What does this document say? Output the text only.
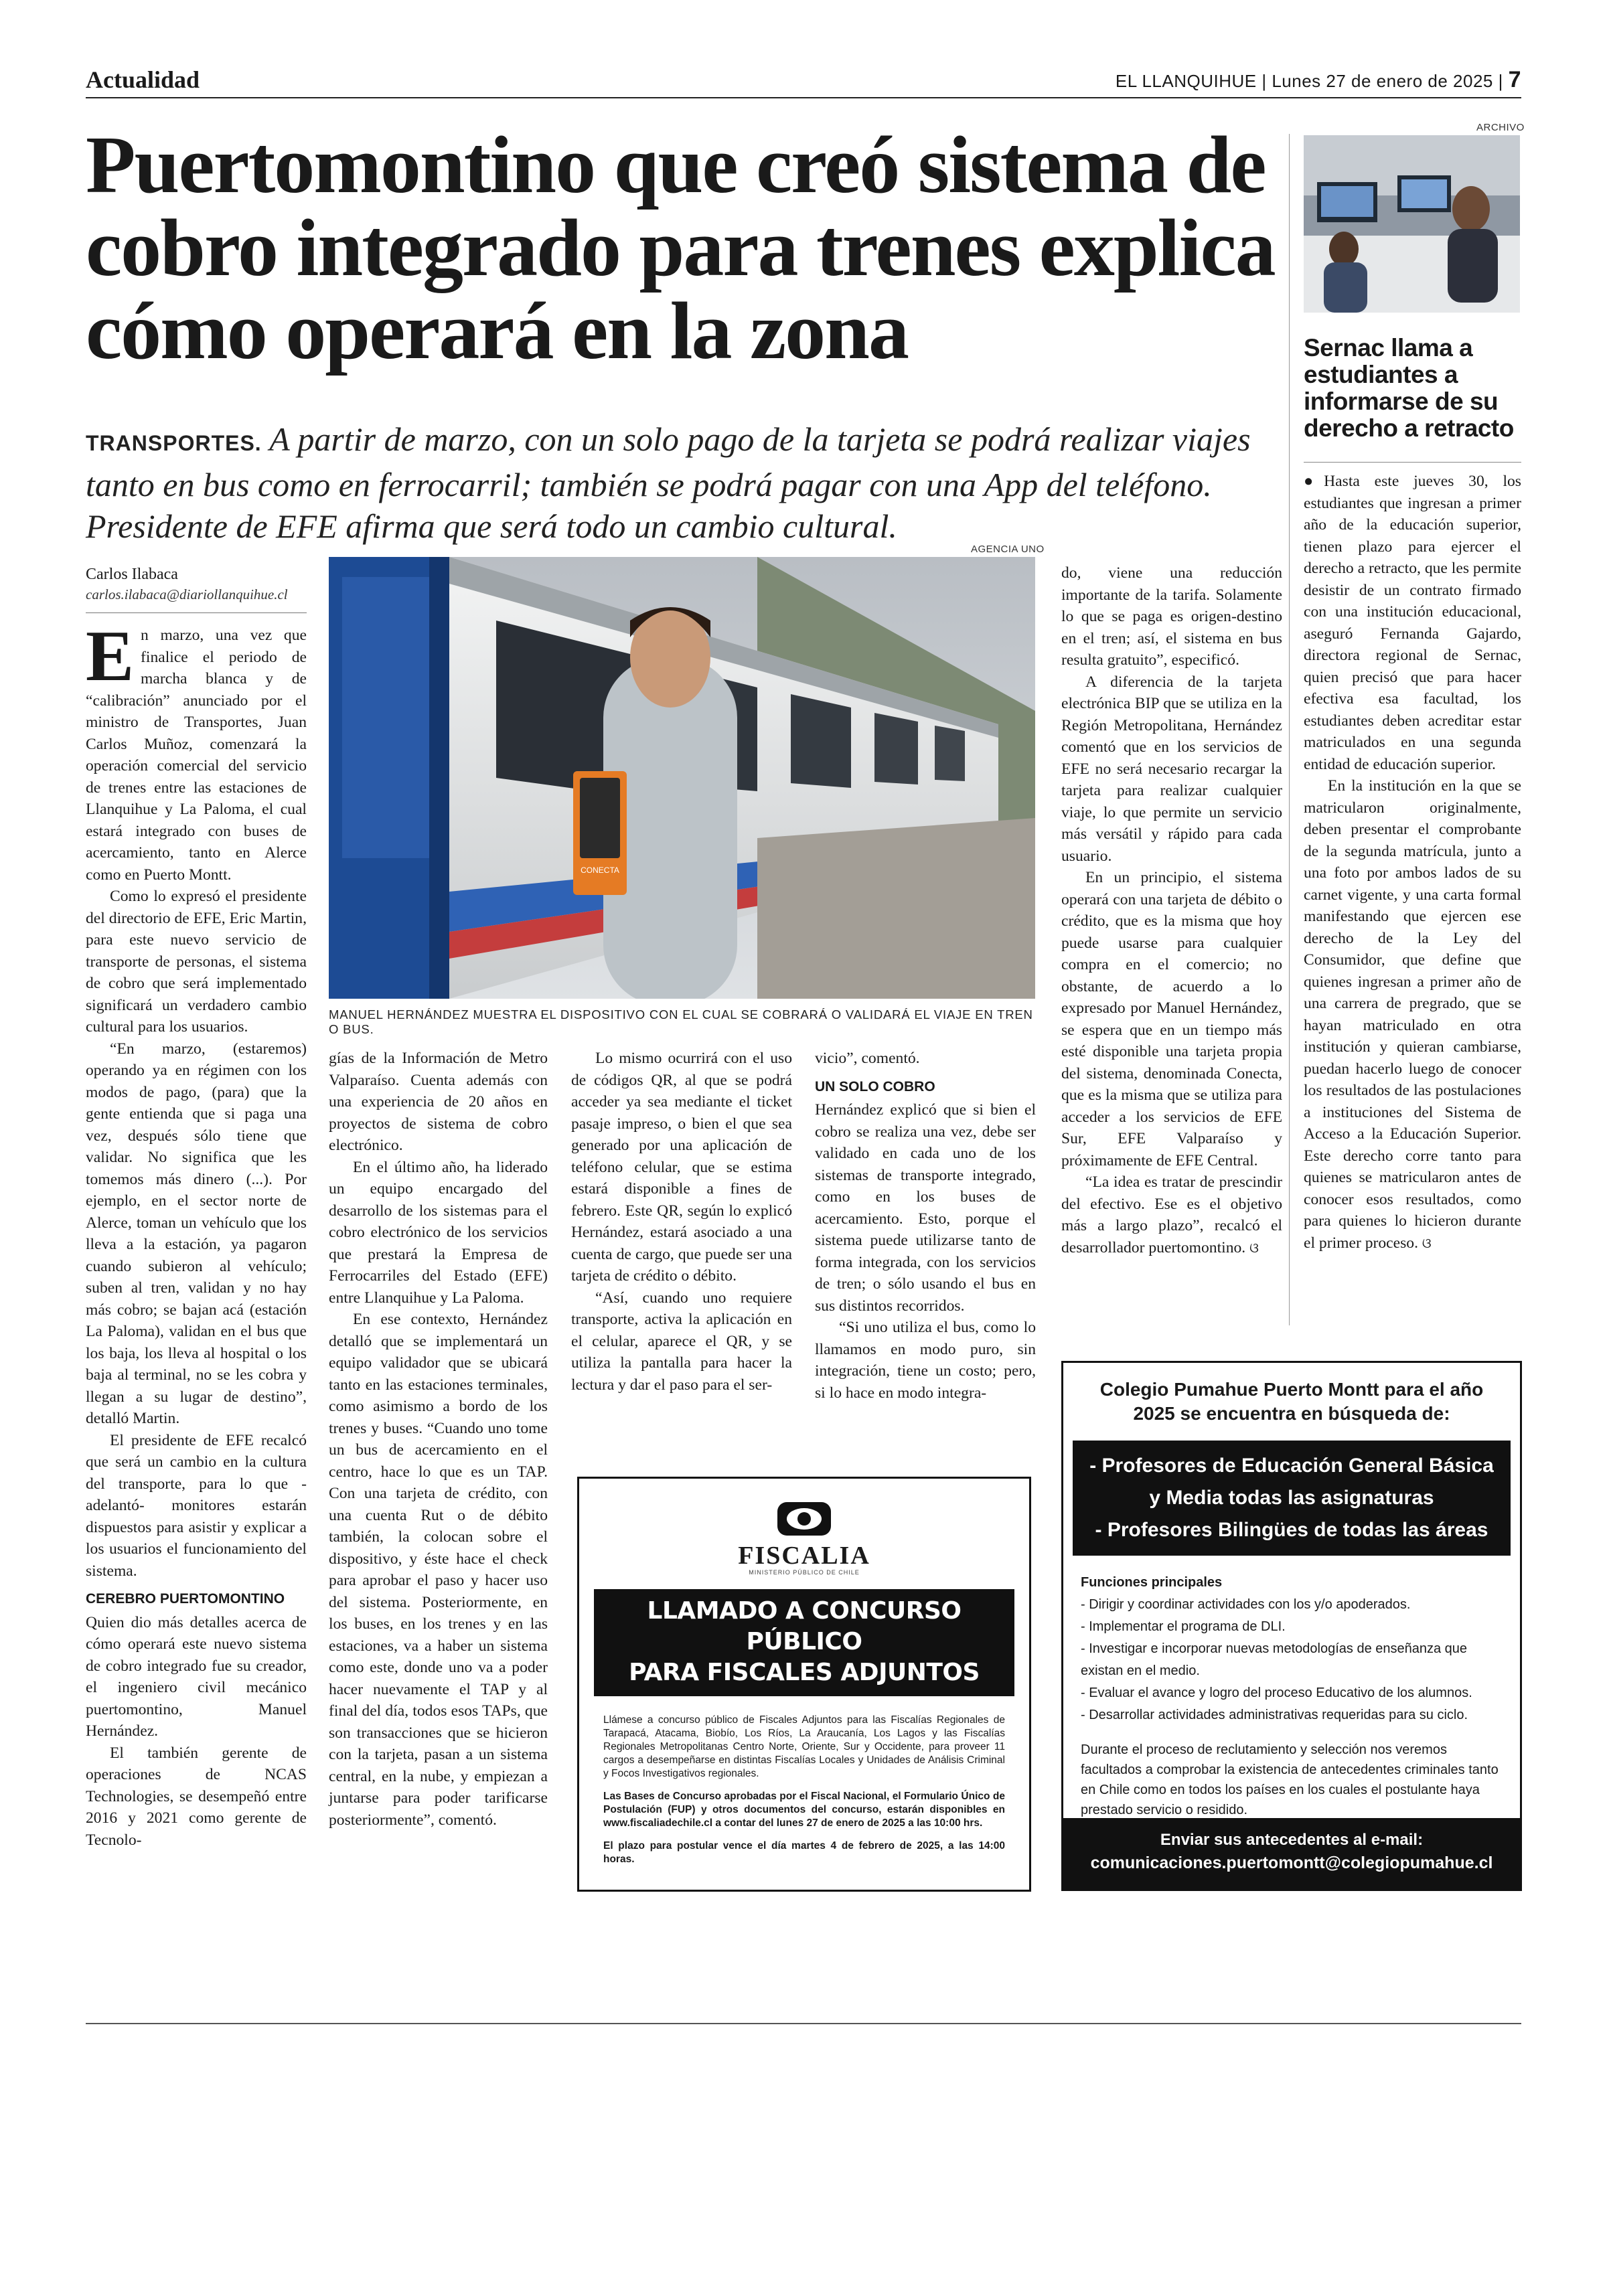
Actualidad	EL LLANQUIHUE | Lunes 27 de enero de 2025 | 7
Puertomontino que creó sistema de cobro integrado para trenes explica cómo operará en la zona
TRANSPORTES. A partir de marzo, con un solo pago de la tarjeta se podrá realizar viajes tanto en bus como en ferrocarril; también se podrá pagar con una App del teléfono. Presidente de EFE afirma que será todo un cambio cultural.
Carlos Ilabaca
carlos.ilabaca@diariollanquihue.cl
AGENCIA UNO
CONECTA
MANUEL HERNÁNDEZ MUESTRA EL DISPOSITIVO CON EL CUAL SE COBRARÁ O VALIDARÁ EL VIAJE EN TREN O BUS.

En marzo, una vez que finalice el periodo de marcha blanca y de “calibración” anunciado por el ministro de Transportes, Juan Carlos Muñoz, comenzará la operación comercial del servicio de trenes entre las estaciones de Llanquihue y La Paloma, el cual estará integrado con buses de acercamiento, tanto en Alerce como en Puerto Montt.

Como lo expresó el presidente del directorio de EFE, Eric Martin, para este nuevo servicio de transporte de personas, el sistema de cobro que será implementado significará un verdadero cambio cultural para los usuarios.

“En marzo, (estaremos) operando ya en régimen con los modos de pago, (para) que la gente entienda que si paga una vez, después sólo tiene que validar. No significa que les tomemos más dinero (...). Por ejemplo, en el sector norte de Alerce, toman un vehículo que los lleva a la estación, ya pagaron cuando subieron al vehículo; suben al tren, validan y no hay más cobro; se bajan acá (estación La Paloma), validan en el bus que los baja, los lleva al hospital o los baja al terminal, no se les cobra y llegan a su lugar de destino”, detalló Martin.

El presidente de EFE recalcó que será un cambio en la cultura del transporte, para lo que -adelantó- monitores estarán dispuestos para asistir y explicar a los usuarios el funcionamiento del sistema.

CEREBRO PUERTOMONTINO

Quien dio más detalles acerca de cómo operará este nuevo sistema de cobro integrado fue su creador, el ingeniero civil mecánico puertomontino, Manuel Hernández.

El también gerente de operaciones de NCAS Technologies, se desempeñó entre 2016 y 2021 como gerente de Tecnolo-

gías de la Información de Metro Valparaíso. Cuenta además con una experiencia de 20 años en proyectos de sistema de cobro electrónico.

En el último año, ha liderado un equipo encargado del desarrollo de los sistemas para el cobro electrónico de los servicios que prestará la Empresa de Ferrocarriles del Estado (EFE) entre Llanquihue y La Paloma.

En ese contexto, Hernández detalló que se implementará un equipo validador que se ubicará tanto en las estaciones terminales, como asimismo a bordo de los trenes y buses. “Cuando uno tome un bus de acercamiento en el centro, hace lo que es un TAP. Con una tarjeta de crédito, con una cuenta Rut o de débito también, la colocan sobre el dispositivo, y éste hace el check para aprobar el paso y hacer uso del sistema. Posteriormente, en los buses, en los trenes y en las estaciones, va a haber un sistema como este, donde uno va a poder hacer nuevamente el TAP y al final del día, todos esos TAPs, que son transacciones que se hicieron con la tarjeta, pasan a un sistema central, en la nube, y empiezan a juntarse para poder tarificarse posteriormente”, comentó.

Lo mismo ocurrirá con el uso de códigos QR, al que se podrá acceder ya sea mediante el ticket pasaje impreso, o bien el que sea generado por una aplicación de teléfono celular, que se estima estará disponible a fines de febrero. Este QR, según lo explicó Hernández, estará asociado a una cuenta de cargo, que puede ser una tarjeta de crédito o débito.

“Así, cuando uno requiere transporte, activa la aplicación en el celular, aparece el QR, y se utiliza la pantalla para hacer la lectura y dar el paso para el ser-

vicio”, comentó.

UN SOLO COBRO

Hernández explicó que si bien el cobro se realiza una vez, debe ser validado en cada uno de los sistemas de transporte integrado, como en los buses de acercamiento. Esto, porque el sistema puede utilizarse tanto de forma integrada, con los servicios de tren; o sólo usando el bus en sus distintos recorridos.

“Si uno utiliza el bus, como lo llamamos en modo puro, sin integración, tiene un costo; pero, si lo hace en modo integra-

do, viene una reducción importante de la tarifa. Solamente lo que se paga es origen-destino en el tren; así, el sistema en bus resulta gratuito”, especificó.

A diferencia de la tarjeta electrónica BIP que se utiliza en la Región Metropolitana, Hernández comentó que en los servicios de EFE no será necesario recargar la tarjeta para realizar cualquier viaje, lo que permite un servicio más versátil y rápido para cada usuario.

En un principio, el sistema operará con una tarjeta de débito o crédito, que es la misma que hoy puede usarse para cualquier compra en el comercio; no obstante, de acuerdo a lo expresado por Manuel Hernández, se espera que en un tiempo más esté disponible una tarjeta propia del sistema, denominada Conecta, que es la misma que se utiliza para acceder a los servicios de EFE Sur, EFE Valparaíso y próximamente de EFE Central.

“La idea es tratar de prescindir del efectivo. Ese es el objetivo más a largo plazo”, recalcó el desarrollador puertomontino. ଓ

ARCHIVO
Sernac llama a estudiantes a informarse de su derecho a retracto

●Hasta este jueves 30, los estudiantes que ingresan a primer año de la educación superior, tienen plazo para ejercer el derecho a retracto, que les permite desistir de un contrato firmado con una institución educacional, aseguró Fernanda Gajardo, directora regional de Sernac, quien precisó que para hacer efectiva esa facultad, los estudiantes deben acreditar estar matriculados en una segunda entidad de educación superior.

En la institución en la que se matricularon originalmente, deben presentar el comprobante de la segunda matrícula, junto a una foto por ambos lados de su carnet vigente, y una carta formal manifestando que ejercen ese derecho de la Ley del Consumidor, que define que quienes ingresan a primer año de una carrera de pregrado, que se hayan matriculado en otra institución y quieran cambiarse, puedan hacerlo luego de conocer los resultados de las postulaciones a instituciones del Sistema de Acceso a la Educación Superior. Este derecho corre tanto para quienes se matricularon antes de conocer esos resultados, como para quienes lo hicieron durante el primer proceso. ଓ

FISCALIA
MINISTERIO PÚBLICO DE CHILE
LLAMADO A CONCURSO PÚBLICO
PARA FISCALES ADJUNTOS

Llámese a concurso público de Fiscales Adjuntos para las Fiscalías Regionales de Tarapacá, Atacama, Biobío, Los Ríos, La Araucanía, Los Lagos y las Fiscalías Regionales Metropolitanas Centro Norte, Oriente, Sur y Occidente, para proveer 11 cargos a desempeñarse en distintas Fiscalías Locales y Unidades de Análisis Criminal y Focos Investigativos regionales.

Las Bases de Concurso aprobadas por el Fiscal Nacional, el Formulario Único de Postulación (FUP) y otros documentos del concurso, estarán disponibles en www.fiscaliadechile.cl a contar del lunes 27 de enero de 2025 a las 10:00 hrs.

El plazo para postular vence el día martes 4 de febrero de 2025, a las 14:00 horas.

Colegio Pumahue Puerto Montt para el año 2025 se encuentra en búsqueda de:
- Profesores de Educación General Básica y Media todas las asignaturas
- Profesores Bilingües de todas las áreas
Funciones principales
- Dirigir y coordinar actividades con los y/o apoderados.
- Implementar el programa de DLI.
- Investigar e incorporar nuevas metodologías de enseñanza que existan en el medio.
- Evaluar el avance y logro del proceso Educativo de los alumnos.
- Desarrollar actividades administrativas requeridas para su ciclo.
Durante el proceso de reclutamiento y selección nos veremos facultados a comprobar la existencia de antecedentes criminales tanto en Chile como en todos los países en los cuales el postulante haya prestado servicio o residido.
Enviar sus antecedentes al e-mail:
comunicaciones.puertomontt@colegiopumahue.cl
